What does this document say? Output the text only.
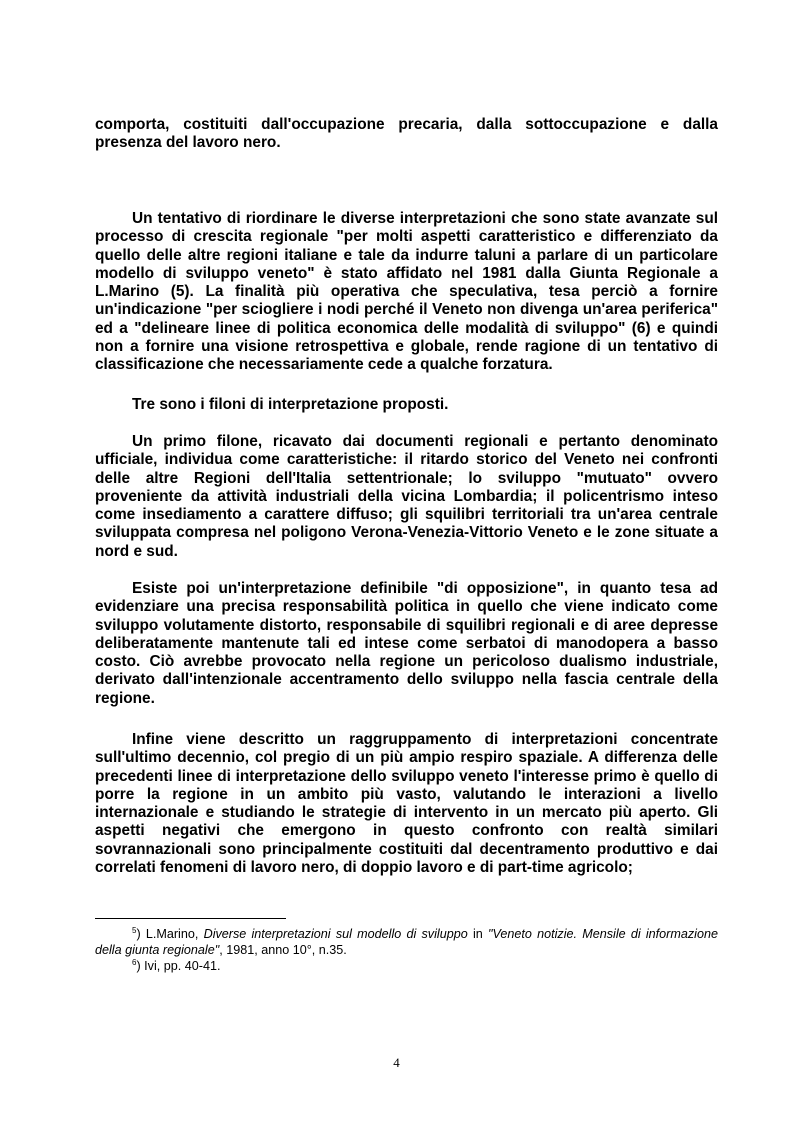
comporta, costituiti dall'occupazione precaria, dalla sottoccupazione e dalla presenza del lavoro nero.

Un tentativo di riordinare le diverse interpretazioni che sono state avanzate sul processo di crescita regionale "per molti aspetti caratteristico e differenziato da quello delle altre regioni italiane e tale da indurre taluni a parlare di un particolare modello di sviluppo veneto" è stato affidato nel 1981 dalla Giunta Regionale a L.Marino (5). La finalità più operativa che speculativa, tesa perciò a fornire un'indicazione "per sciogliere i nodi perché il Veneto non divenga un'area periferica" ed a "delineare linee di politica economica delle modalità di sviluppo" (6) e quindi non a fornire una visione retrospettiva e globale, rende ragione di un tentativo di classificazione che necessariamente cede a qualche forzatura.

Tre sono i filoni di interpretazione proposti.

Un primo filone, ricavato dai documenti regionali e pertanto denominato ufficiale, individua come caratteristiche: il ritardo storico del Veneto nei confronti delle altre Regioni dell'Italia settentrionale; lo sviluppo "mutuato" ovvero proveniente da attività industriali della vicina Lombardia; il policentrismo inteso come insediamento a carattere diffuso; gli squilibri territoriali tra un'area centrale sviluppata compresa nel poligono Verona-Venezia-Vittorio Veneto e le zone situate a nord e sud.

Esiste poi un'interpretazione definibile "di opposizione", in quanto tesa ad evidenziare una precisa responsabilità politica in quello che viene indicato come sviluppo volutamente distorto, responsabile di squilibri regionali e di aree depresse deliberatamente mantenute tali ed intese come serbatoi di manodopera a basso costo. Ciò avrebbe provocato nella regione un pericoloso dualismo industriale, derivato dall'intenzionale accentramento dello sviluppo nella fascia centrale della regione.

Infine viene descritto un raggruppamento di interpretazioni concentrate sull'ultimo decennio, col pregio di un più ampio respiro spaziale. A differenza delle precedenti linee di interpretazione dello sviluppo veneto l'interesse primo è quello di porre la regione in un ambito più vasto, valutando le interazioni a livello internazionale e studiando le strategie di intervento in un mercato più aperto. Gli aspetti negativi che emergono in questo confronto con realtà similari sovrannazionali sono principalmente costituiti dal decentramento produttivo e dai correlati fenomeni di lavoro nero, di doppio lavoro e di part-time agricolo;

$^5$) L.Marino, Diverse interpretazioni sul modello di sviluppo in "Veneto notizie. Mensile di informazione della giunta regionale", 1981, anno 10°, n.35.

$^6$) Ivi, pp. 40-41.

4
